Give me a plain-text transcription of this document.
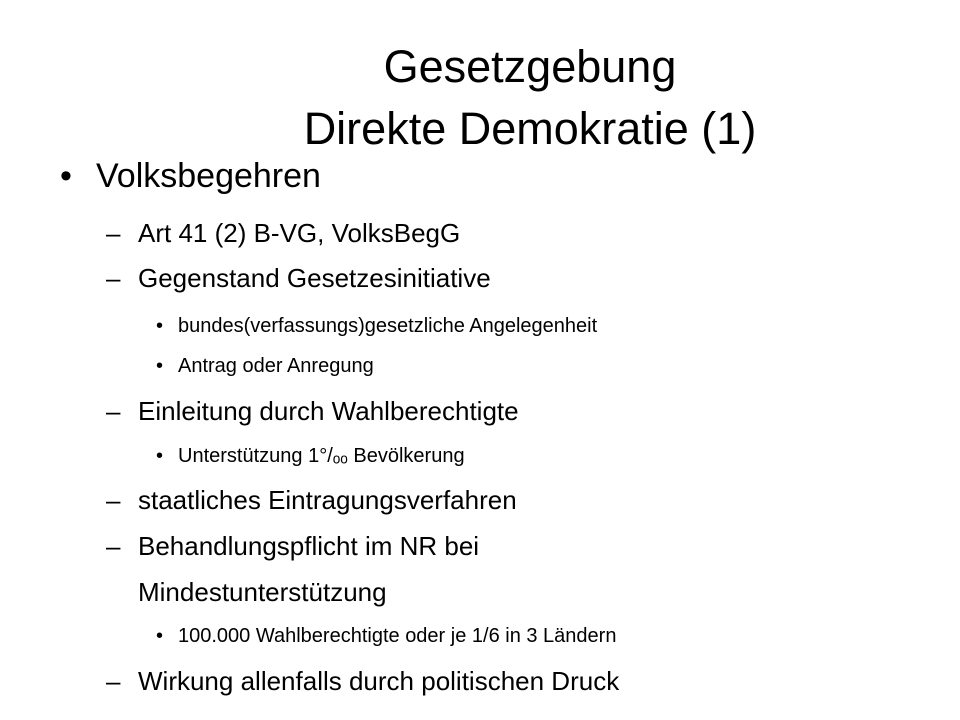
Gesetzgebung
Direkte Demokratie (1)
• Volksbegehren
– Art 41 (2) B-VG, VolksBegG
– Gegenstand Gesetzesinitiative
• bundes(verfassungs)gesetzliche Angelegenheit
• Antrag oder Anregung
– Einleitung durch Wahlberechtigte
• Unterstützung 1°/ₒₒ Bevölkerung
– staatliches Eintragungsverfahren
– Behandlungspflicht im NR bei
Mindestunterstützung
• 100.000 Wahlberechtigte oder je 1/6 in 3 Ländern
– Wirkung allenfalls durch politischen Druck
